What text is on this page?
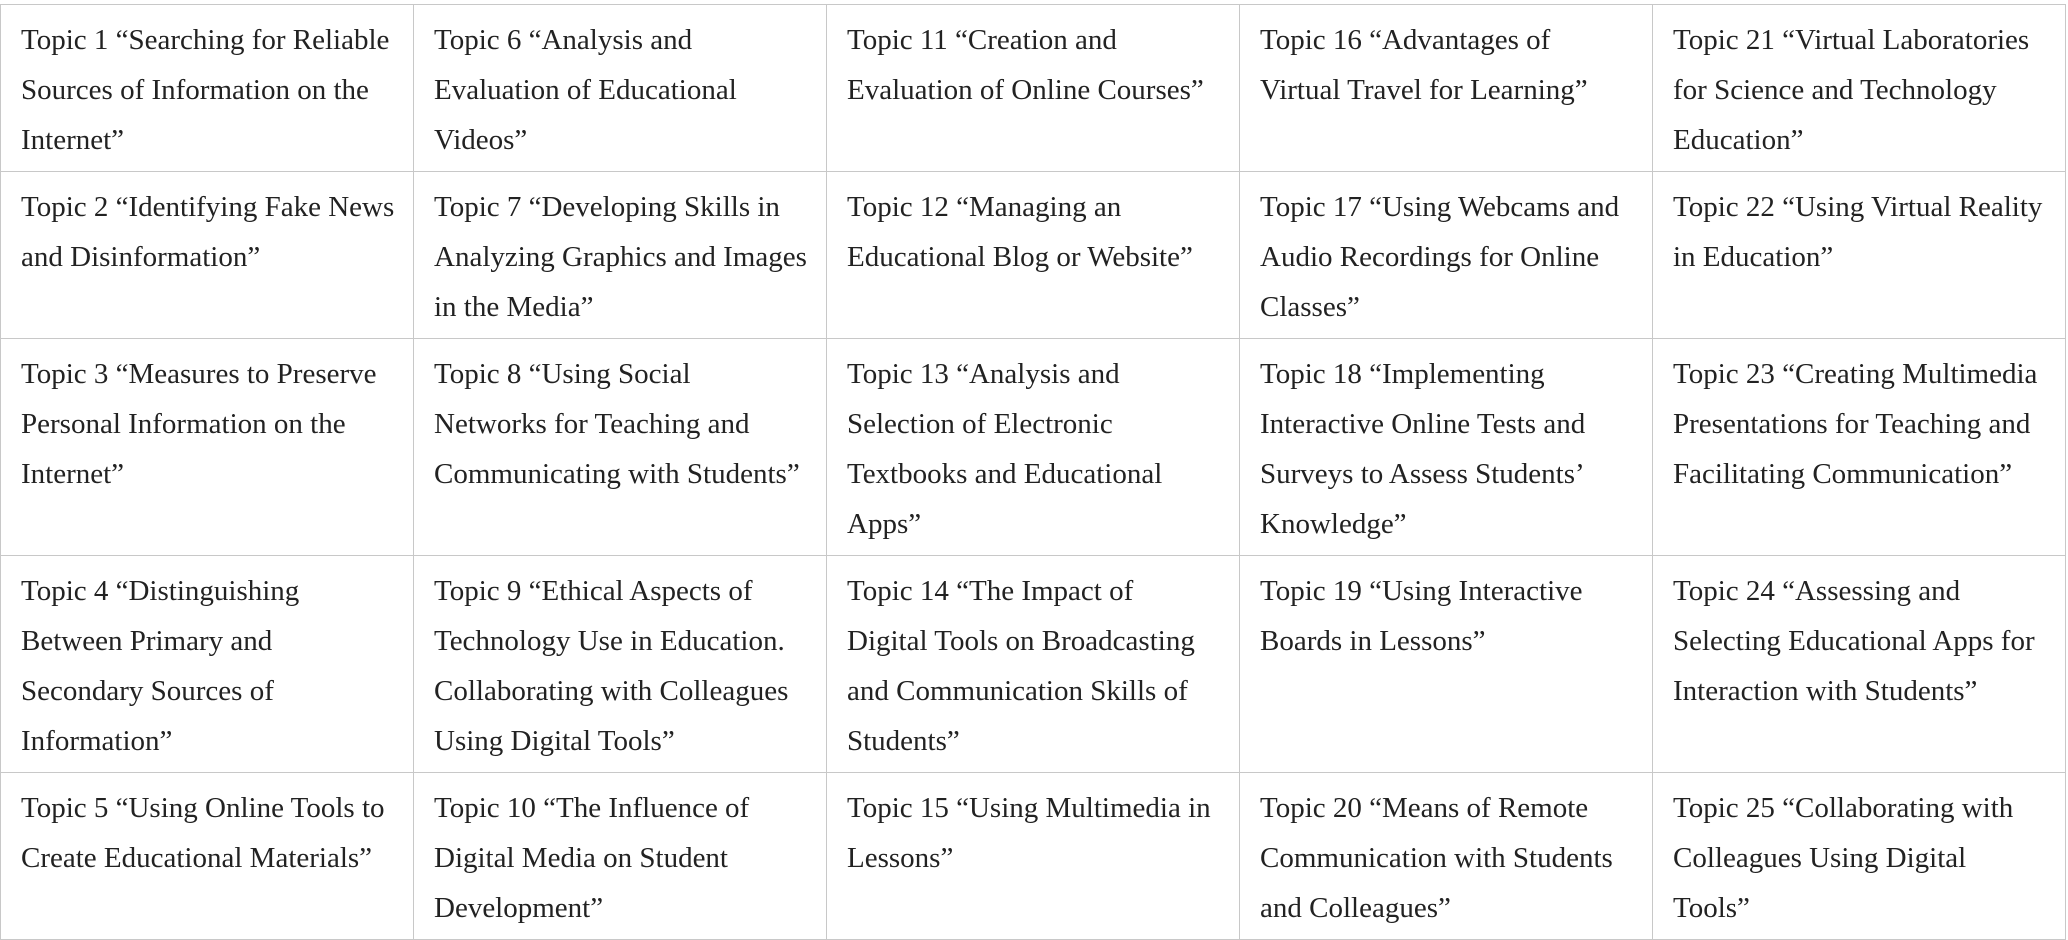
Topic 1 “Searching for Reliable Sources of Information on the Internet”	Topic 6 “Analysis and Evaluation of Educational Videos”	Topic 11 “Creation and Evaluation of Online Courses”	Topic 16 “Advantages of Virtual Travel for Learning”	Topic 21 “Virtual Laboratories for Science and Technology Education”
Topic 2 “Identifying Fake News and Disinformation”	Topic 7 “Developing Skills in Analyzing Graphics and Images in the Media”	Topic 12 “Managing an Educational Blog or Website”	Topic 17 “Using Webcams and Audio Recordings for Online Classes”	Topic 22 “Using Virtual Reality in Education”
Topic 3 “Measures to Preserve Personal Information on the Internet”	Topic 8 “Using Social Networks for Teaching and Communicating with Students”	Topic 13 “Analysis and Selection of Electronic Textbooks and Educational Apps”	Topic 18 “Implementing Interactive Online Tests and Surveys to Assess Students’ Knowledge”	Topic 23 “Creating Multimedia Presentations for Teaching and Facilitating Communication”
Topic 4 “Distinguishing Between Primary and Secondary Sources of Information”	Topic 9 “Ethical Aspects of Technology Use in Education. Collaborating with Colleagues Using Digital Tools”	Topic 14 “The Impact of Digital Tools on Broadcasting and Communication Skills of Students”	Topic 19 “Using Interactive Boards in Lessons”	Topic 24 “Assessing and Selecting Educational Apps for Interaction with Students”
Topic 5 “Using Online Tools to Create Educational Materials”	Topic 10 “The Influence of Digital Media on Student Development”	Topic 15 “Using Multimedia in Lessons”	Topic 20 “Means of Remote Communication with Students and Colleagues”	Topic 25 “Collaborating with Colleagues Using Digital Tools”
